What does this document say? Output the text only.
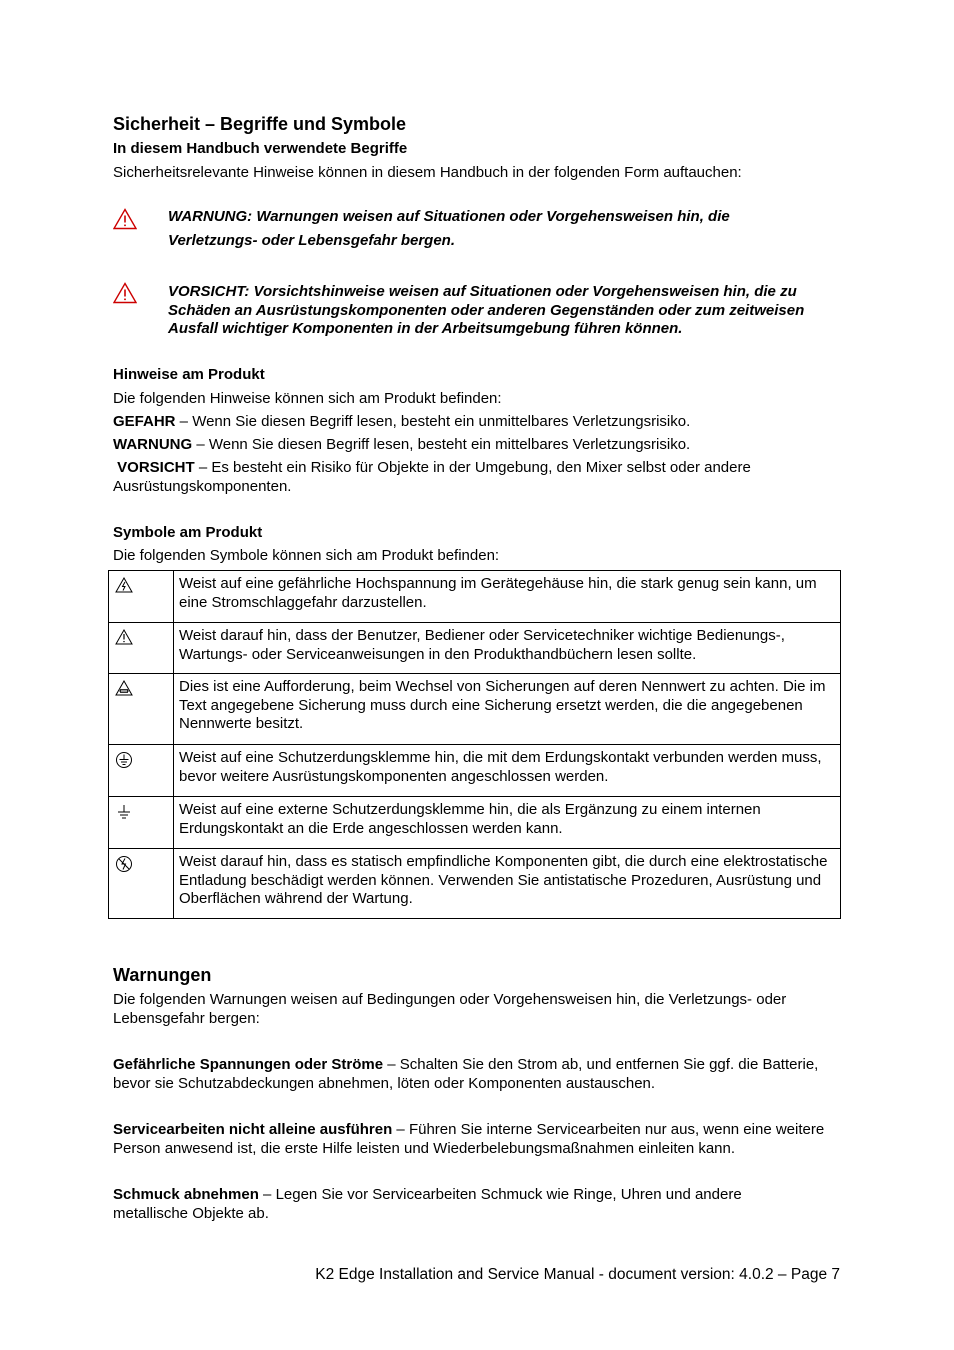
Sicherheit – Begriffe und Symbole
In diesem Handbuch verwendete Begriffe
Sicherheitsrelevante Hinweise können in diesem Handbuch in der folgenden Form auftauchen:
WARNUNG: Warnungen weisen auf Situationen oder Vorgehensweisen hin, die
Verletzungs- oder Lebensgefahr bergen.
VORSICHT: Vorsichtshinweise weisen auf Situationen oder Vorgehensweisen hin, die zu Schäden an Ausrüstungskomponenten oder anderen Gegenständen oder zum zeitweisen Ausfall wichtiger Komponenten in der Arbeitsumgebung führen können.
Hinweise am Produkt
Die folgenden Hinweise können sich am Produkt befinden:
GEFAHR – Wenn Sie diesen Begriff lesen, besteht ein unmittelbares Verletzungsrisiko.
WARNUNG – Wenn Sie diesen Begriff lesen, besteht ein mittelbares Verletzungsrisiko.
VORSICHT – Es besteht ein Risiko für Objekte in der Umgebung, den Mixer selbst oder andere Ausrüstungskomponenten.
Symbole am Produkt
Die folgenden Symbole können sich am Produkt befinden:
	Weist auf eine gefährliche Hochspannung im Gerätegehäuse hin, die stark genug sein kann, um eine Stromschlaggefahr darzustellen.
	Weist darauf hin, dass der Benutzer, Bediener oder Servicetechniker wichtige Bedienungs-, Wartungs- oder Serviceanweisungen in den Produkthandbüchern lesen sollte.
	Dies ist eine Aufforderung, beim Wechsel von Sicherungen auf deren Nennwert zu achten. Die im Text angegebene Sicherung muss durch eine Sicherung ersetzt werden, die die angegebenen Nennwerte besitzt.
	Weist auf eine Schutzerdungsklemme hin, die mit dem Erdungskontakt verbunden werden muss, bevor weitere Ausrüstungskomponenten angeschlossen werden.
	Weist auf eine externe Schutzerdungsklemme hin, die als Ergänzung zu einem internen Erdungskontakt an die Erde angeschlossen werden kann.
	Weist darauf hin, dass es statisch empfindliche Komponenten gibt, die durch eine elektrostatische Entladung beschädigt werden können. Verwenden Sie antistatische Prozeduren, Ausrüstung und Oberflächen während der Wartung.
Warnungen
Die folgenden Warnungen weisen auf Bedingungen oder Vorgehensweisen hin, die Verletzungs- oder Lebensgefahr bergen:
Gefährliche Spannungen oder Ströme – Schalten Sie den Strom ab, und entfernen Sie ggf. die Batterie, bevor sie Schutzabdeckungen abnehmen, löten oder Komponenten austauschen.
Servicearbeiten nicht alleine ausführen – Führen Sie interne Servicearbeiten nur aus, wenn eine weitere Person anwesend ist, die erste Hilfe leisten und Wiederbelebungsmaßnahmen einleiten kann.
Schmuck abnehmen – Legen Sie vor Servicearbeiten Schmuck wie Ringe, Uhren und andere metallische Objekte ab.
K2 Edge Installation and Service Manual - document version: 4.0.2 – Page 7
